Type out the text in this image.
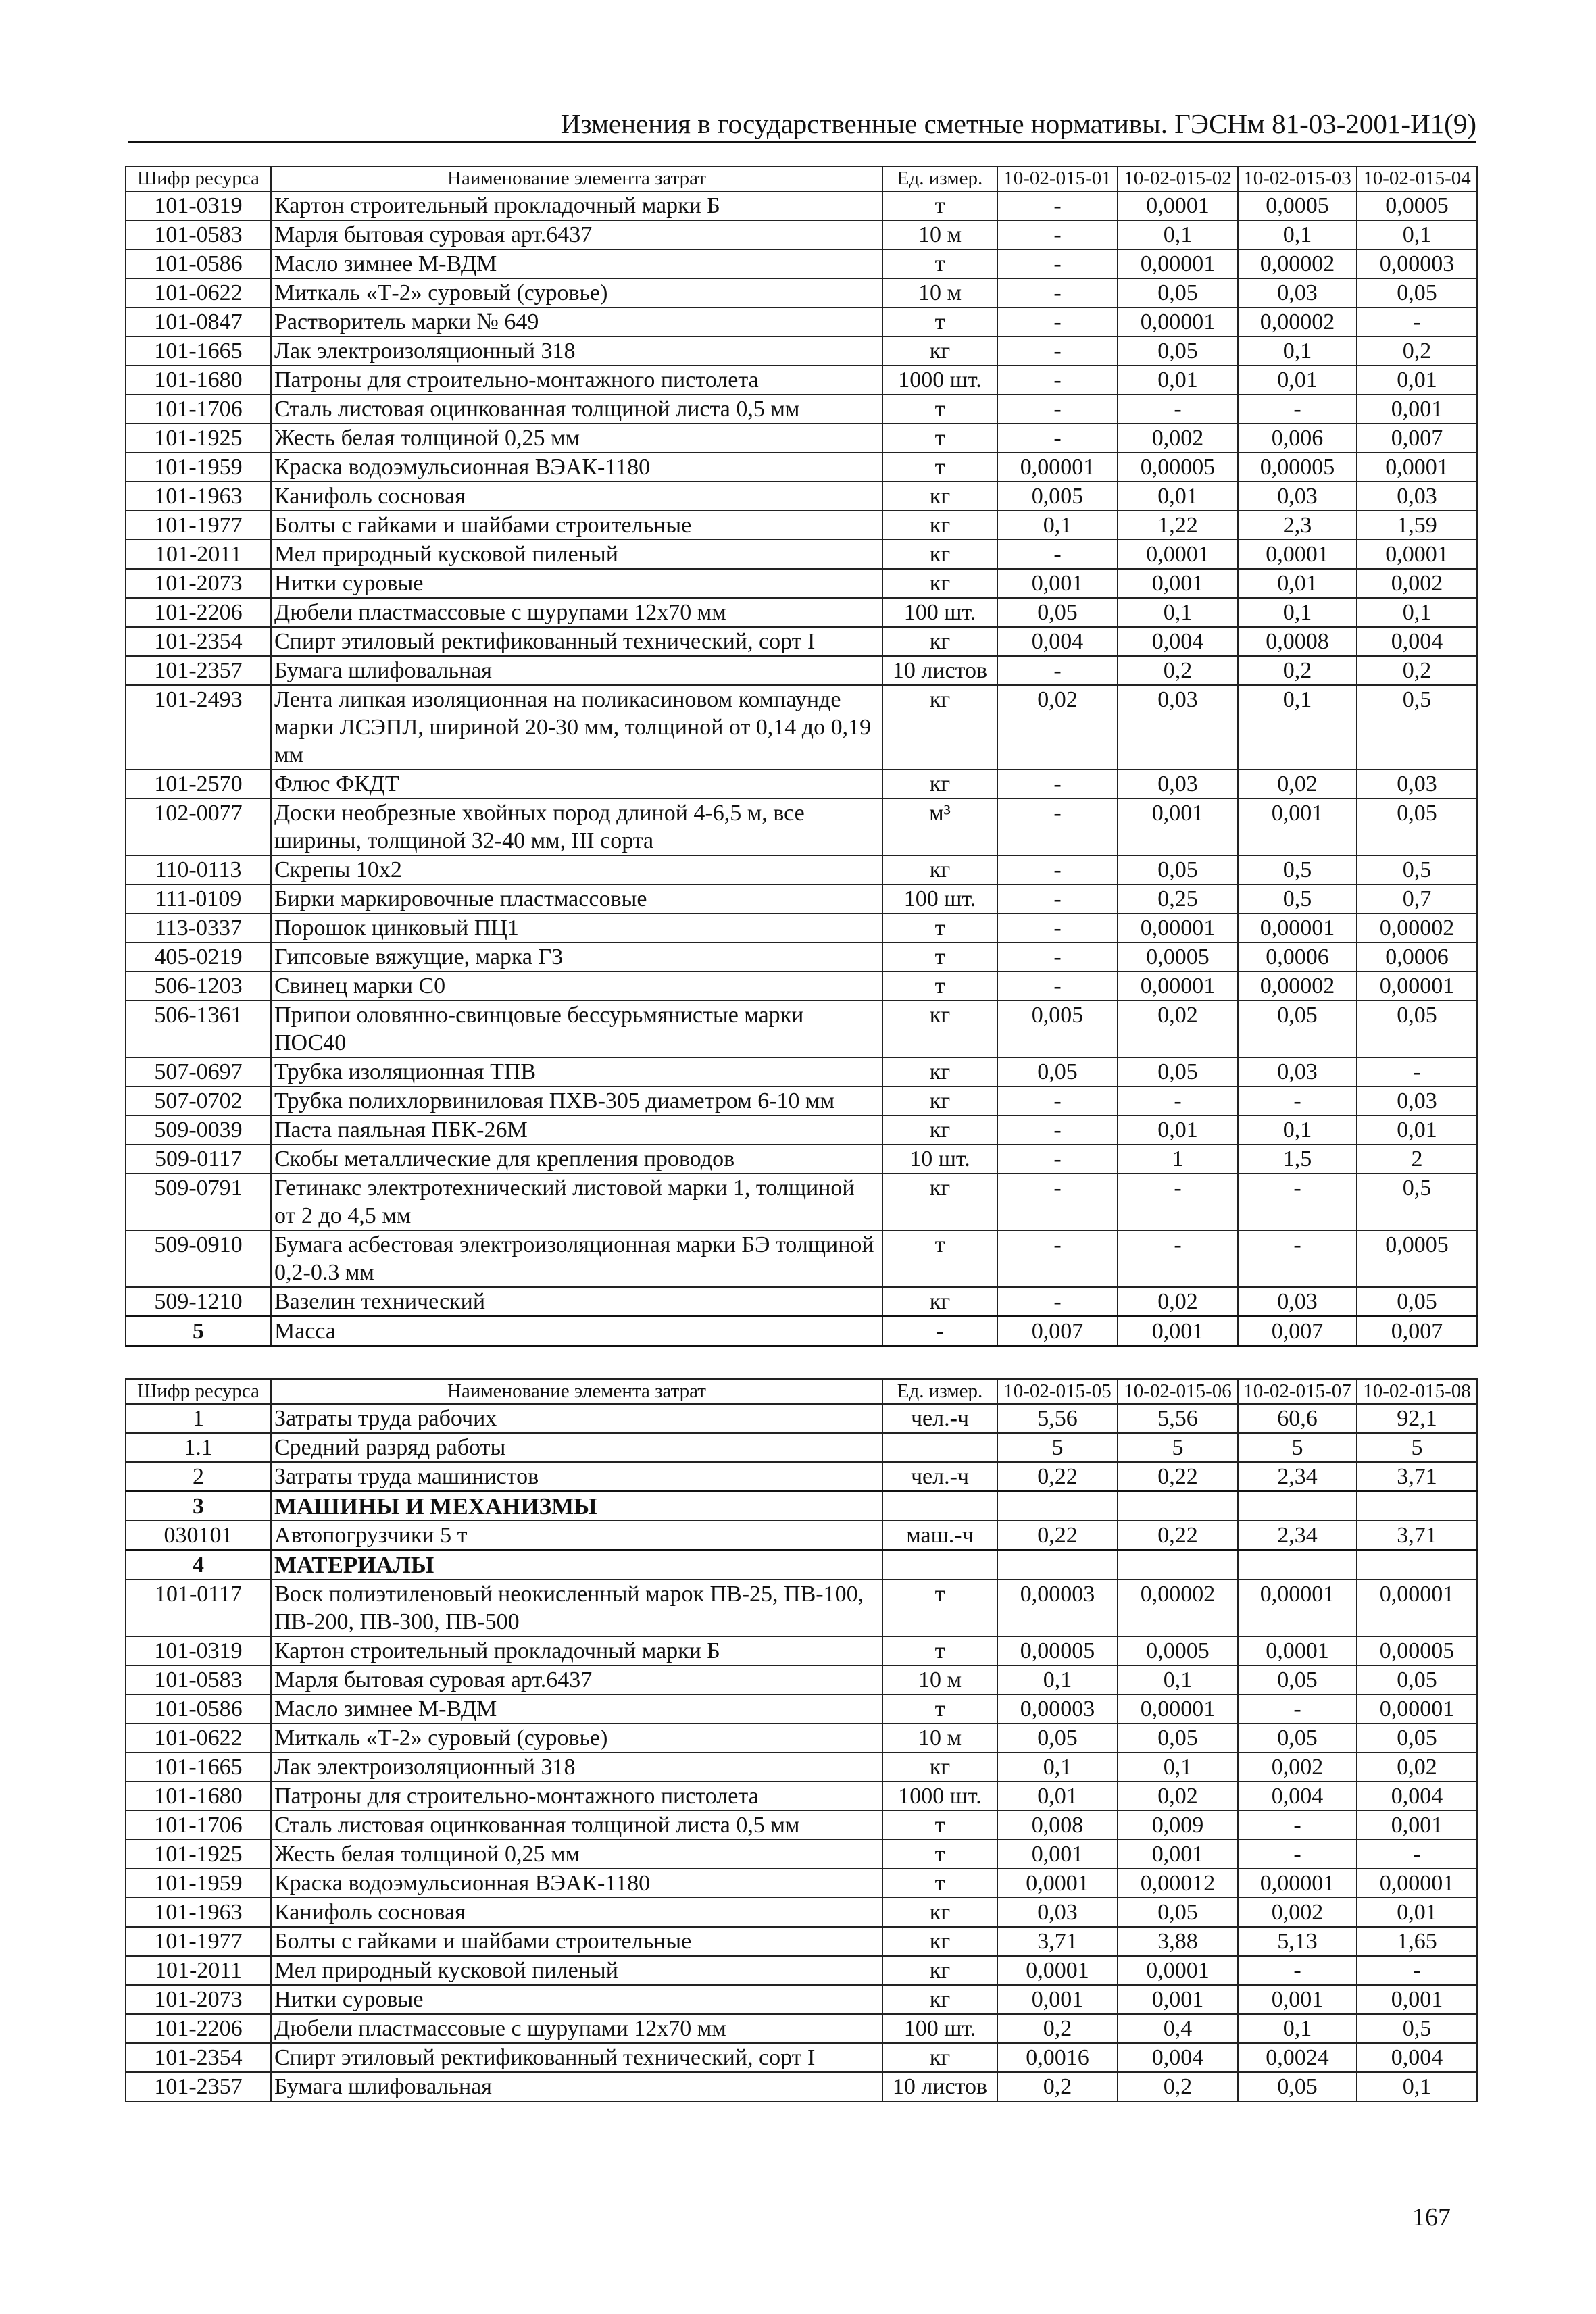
Изменения в государственные сметные нормативы. ГЭСНм 81-03-2001-И1(9)
Шифр ресурса	Наименование элемента затрат	Ед. измер.	10-02-015-01	10-02-015-02	10-02-015-03	10-02-015-04
101-0319	Картон строительный прокладочный марки Б	т	-	0,0001	0,0005	0,0005
101-0583	Марля бытовая суровая арт.6437	10 м	-	0,1	0,1	0,1
101-0586	Масло зимнее М-ВДМ	т	-	0,00001	0,00002	0,00003
101-0622	Миткаль «Т-2» суровый (суровье)	10 м	-	0,05	0,03	0,05
101-0847	Растворитель марки № 649	т	-	0,00001	0,00002	-
101-1665	Лак электроизоляционный 318	кг	-	0,05	0,1	0,2
101-1680	Патроны для строительно-монтажного пистолета	1000 шт.	-	0,01	0,01	0,01
101-1706	Сталь листовая оцинкованная толщиной листа 0,5 мм	т	-	-	-	0,001
101-1925	Жесть белая толщиной 0,25 мм	т	-	0,002	0,006	0,007
101-1959	Краска водоэмульсионная ВЭАК-1180	т	0,00001	0,00005	0,00005	0,0001
101-1963	Канифоль сосновая	кг	0,005	0,01	0,03	0,03
101-1977	Болты с гайками и шайбами строительные	кг	0,1	1,22	2,3	1,59
101-2011	Мел природный кусковой пиленый	кг	-	0,0001	0,0001	0,0001
101-2073	Нитки суровые	кг	0,001	0,001	0,01	0,002
101-2206	Дюбели пластмассовые с шурупами 12х70 мм	100 шт.	0,05	0,1	0,1	0,1
101-2354	Спирт этиловый ректификованный технический, сорт I	кг	0,004	0,004	0,0008	0,004
101-2357	Бумага шлифовальная	10 листов	-	0,2	0,2	0,2
101-2493	Лента липкая изоляционная на поликасиновом компаунде марки ЛСЭПЛ, шириной 20-30 мм, толщиной от 0,14 до 0,19 мм	кг	0,02	0,03	0,1	0,5
101-2570	Флюс ФКДТ	кг	-	0,03	0,02	0,03
102-0077	Доски необрезные хвойных пород длиной 4-6,5 м, все ширины, толщиной 32-40 мм, III сорта	м³	-	0,001	0,001	0,05
110-0113	Скрепы 10х2	кг	-	0,05	0,5	0,5
111-0109	Бирки маркировочные пластмассовые	100 шт.	-	0,25	0,5	0,7
113-0337	Порошок цинковый ПЦ1	т	-	0,00001	0,00001	0,00002
405-0219	Гипсовые вяжущие, марка Г3	т	-	0,0005	0,0006	0,0006
506-1203	Свинец марки С0	т	-	0,00001	0,00002	0,00001
506-1361	Припои оловянно-свинцовые бессурьмянистые марки ПОС40	кг	0,005	0,02	0,05	0,05
507-0697	Трубка изоляционная ТПВ	кг	0,05	0,05	0,03	-
507-0702	Трубка полихлорвиниловая ПХВ-305 диаметром 6-10 мм	кг	-	-	-	0,03
509-0039	Паста паяльная ПБК-26М	кг	-	0,01	0,1	0,01
509-0117	Скобы металлические для крепления проводов	10 шт.	-	1	1,5	2
509-0791	Гетинакс электротехнический листовой марки 1, толщиной от 2 до 4,5 мм	кг	-	-	-	0,5
509-0910	Бумага асбестовая электроизоляционная марки БЭ толщиной 0,2-0.3 мм	т	-	-	-	0,0005
509-1210	Вазелин технический	кг	-	0,02	0,03	0,05
5	Масса	-	0,007	0,001	0,007	0,007
Шифр ресурса	Наименование элемента затрат	Ед. измер.	10-02-015-05	10-02-015-06	10-02-015-07	10-02-015-08
1	Затраты труда рабочих	чел.-ч	5,56	5,56	60,6	92,1
1.1	Средний разряд работы		5	5	5	5
2	Затраты труда машинистов	чел.-ч	0,22	0,22	2,34	3,71
3	МАШИНЫ И МЕХАНИЗМЫ					
030101	Автопогрузчики 5 т	маш.-ч	0,22	0,22	2,34	3,71
4	МАТЕРИАЛЫ					
101-0117	Воск полиэтиленовый неокисленный марок ПВ-25, ПВ-100, ПВ-200, ПВ-300, ПВ-500	т	0,00003	0,00002	0,00001	0,00001
101-0319	Картон строительный прокладочный марки Б	т	0,00005	0,0005	0,0001	0,00005
101-0583	Марля бытовая суровая арт.6437	10 м	0,1	0,1	0,05	0,05
101-0586	Масло зимнее М-ВДМ	т	0,00003	0,00001	-	0,00001
101-0622	Миткаль «Т-2» суровый (суровье)	10 м	0,05	0,05	0,05	0,05
101-1665	Лак электроизоляционный 318	кг	0,1	0,1	0,002	0,02
101-1680	Патроны для строительно-монтажного пистолета	1000 шт.	0,01	0,02	0,004	0,004
101-1706	Сталь листовая оцинкованная толщиной листа 0,5 мм	т	0,008	0,009	-	0,001
101-1925	Жесть белая толщиной 0,25 мм	т	0,001	0,001	-	-
101-1959	Краска водоэмульсионная ВЭАК-1180	т	0,0001	0,00012	0,00001	0,00001
101-1963	Канифоль сосновая	кг	0,03	0,05	0,002	0,01
101-1977	Болты с гайками и шайбами строительные	кг	3,71	3,88	5,13	1,65
101-2011	Мел природный кусковой пиленый	кг	0,0001	0,0001	-	-
101-2073	Нитки суровые	кг	0,001	0,001	0,001	0,001
101-2206	Дюбели пластмассовые с шурупами 12х70 мм	100 шт.	0,2	0,4	0,1	0,5
101-2354	Спирт этиловый ректификованный технический, сорт I	кг	0,0016	0,004	0,0024	0,004
101-2357	Бумага шлифовальная	10 листов	0,2	0,2	0,05	0,1
167
